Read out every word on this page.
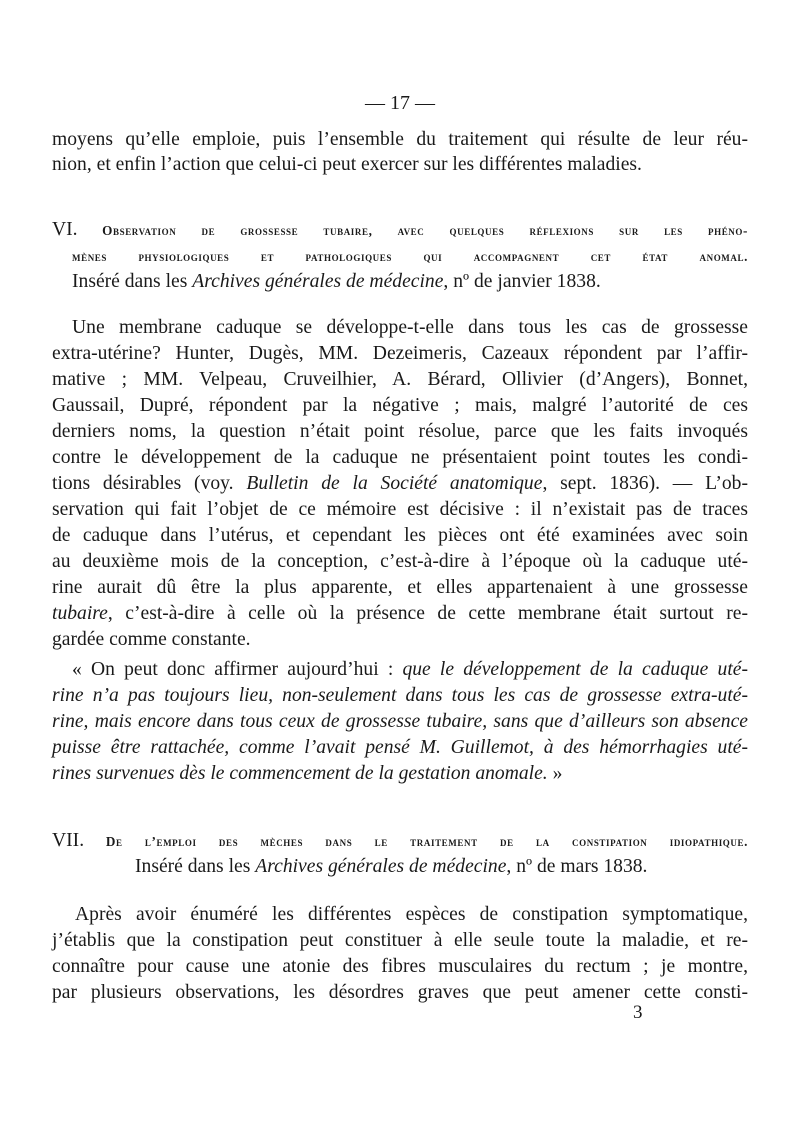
— 17 —
moyens qu’elle emploie, puis l’ensemble du traitement qui résulte de leur réu-
nion, et enfin l’action que celui-ci peut exercer sur les différentes maladies.
VI. Observation de grossesse tubaire, avec quelques réflexions sur les phéno-
mènes physiologiques et pathologiques qui accompagnent cet état anomal.
Inséré dans les Archives générales de médecine, nº de janvier 1838.
Une membrane caduque se développe-t-elle dans tous les cas de grossesse
extra-utérine? Hunter, Dugès, MM. Dezeimeris, Cazeaux répondent par l’affir-
mative ; MM. Velpeau, Cruveilhier, A. Bérard, Ollivier (d’Angers), Bonnet,
Gaussail, Dupré, répondent par la négative ; mais, malgré l’autorité de ces
derniers noms, la question n’était point résolue, parce que les faits invoqués
contre le développement de la caduque ne présentaient point toutes les condi-
tions désirables (voy. Bulletin de la Société anatomique, sept. 1836). — L’ob-
servation qui fait l’objet de ce mémoire est décisive : il n’existait pas de traces
de caduque dans l’utérus, et cependant les pièces ont été examinées avec soin
au deuxième mois de la conception, c’est-à-dire à l’époque où la caduque uté-
rine aurait dû être la plus apparente, et elles appartenaient à une grossesse
tubaire, c’est-à-dire à celle où la présence de cette membrane était surtout re-
gardée comme constante.
« On peut donc affirmer aujourd’hui : que le développement de la caduque uté-
rine n’a pas toujours lieu, non-seulement dans tous les cas de grossesse extra-uté-
rine, mais encore dans tous ceux de grossesse tubaire, sans que d’ailleurs son absence
puisse être rattachée, comme l’avait pensé M. Guillemot, à des hémorrhagies uté-
rines survenues dès le commencement de la gestation anomale. »
VII. De l’emploi des mèches dans le traitement de la constipation idiopathique.
Inséré dans les Archives générales de médecine, nº de mars 1838.
Après avoir énuméré les différentes espèces de constipation symptomatique,
j’établis que la constipation peut constituer à elle seule toute la maladie, et re-
connaître pour cause une atonie des fibres musculaires du rectum ; je montre,
par plusieurs observations, les désordres graves que peut amener cette consti-
3
